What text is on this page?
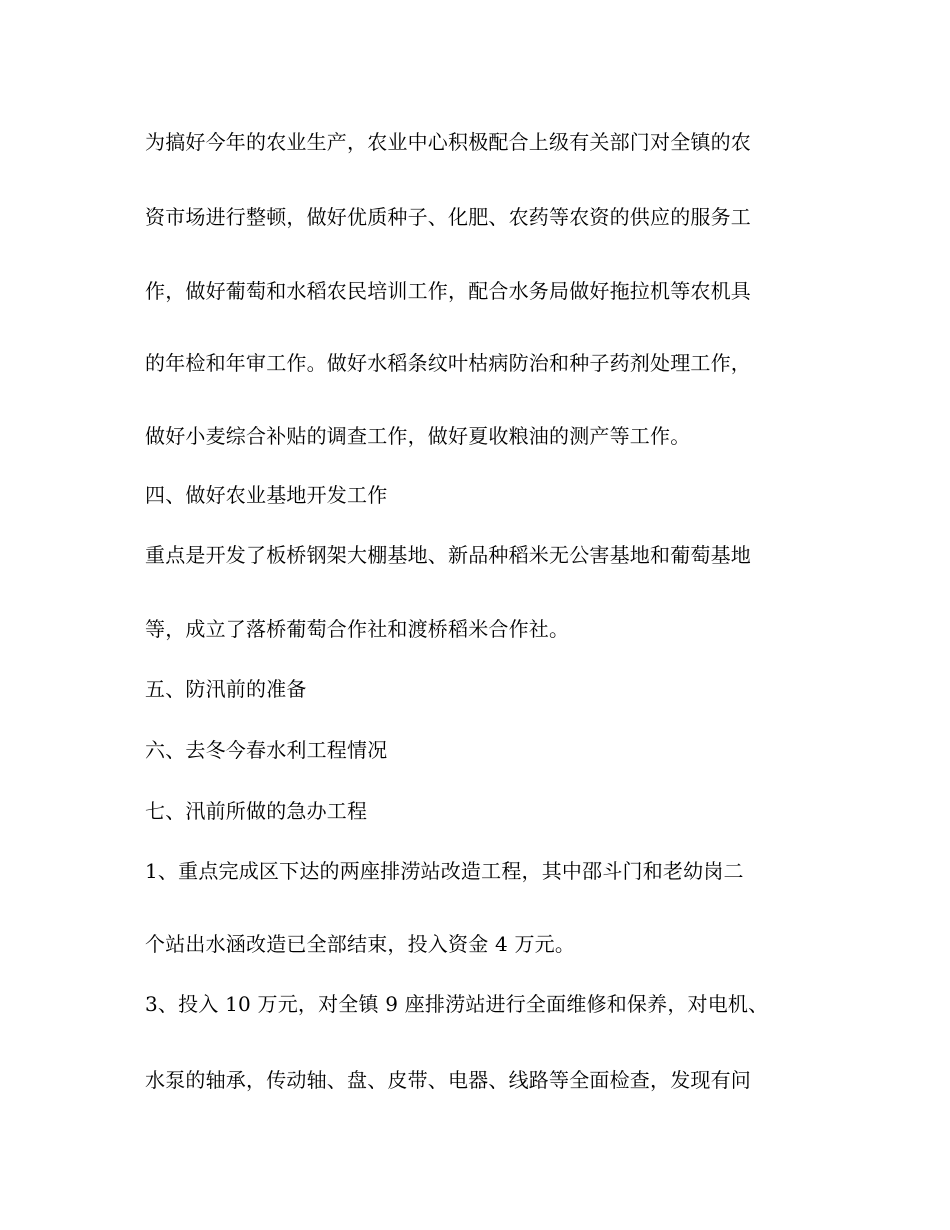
为搞好今年的农业生产，农业中心积极配合上级有关部门对全镇的农
资市场进行整顿，做好优质种子、化肥、农药等农资的供应的服务工
作，做好葡萄和水稻农民培训工作，配合水务局做好拖拉机等农机具
的年检和年审工作。做好水稻条纹叶枯病防治和种子药剂处理工作，
做好小麦综合补贴的调查工作，做好夏收粮油的测产等工作。
四、做好农业基地开发工作
重点是开发了板桥钢架大棚基地、新品种稻米无公害基地和葡萄基地
等，成立了落桥葡萄合作社和渡桥稻米合作社。
五、防汛前的准备
六、去冬今春水利工程情况
七、汛前所做的急办工程
1、重点完成区下达的两座排涝站改造工程，其中邵斗门和老幼岗二
个站出水涵改造已全部结束，投入资金 4 万元。
3、投入 10 万元，对全镇 9 座排涝站进行全面维修和保养，对电机、
水泵的轴承，传动轴、盘、皮带、电器、线路等全面检查，发现有问
